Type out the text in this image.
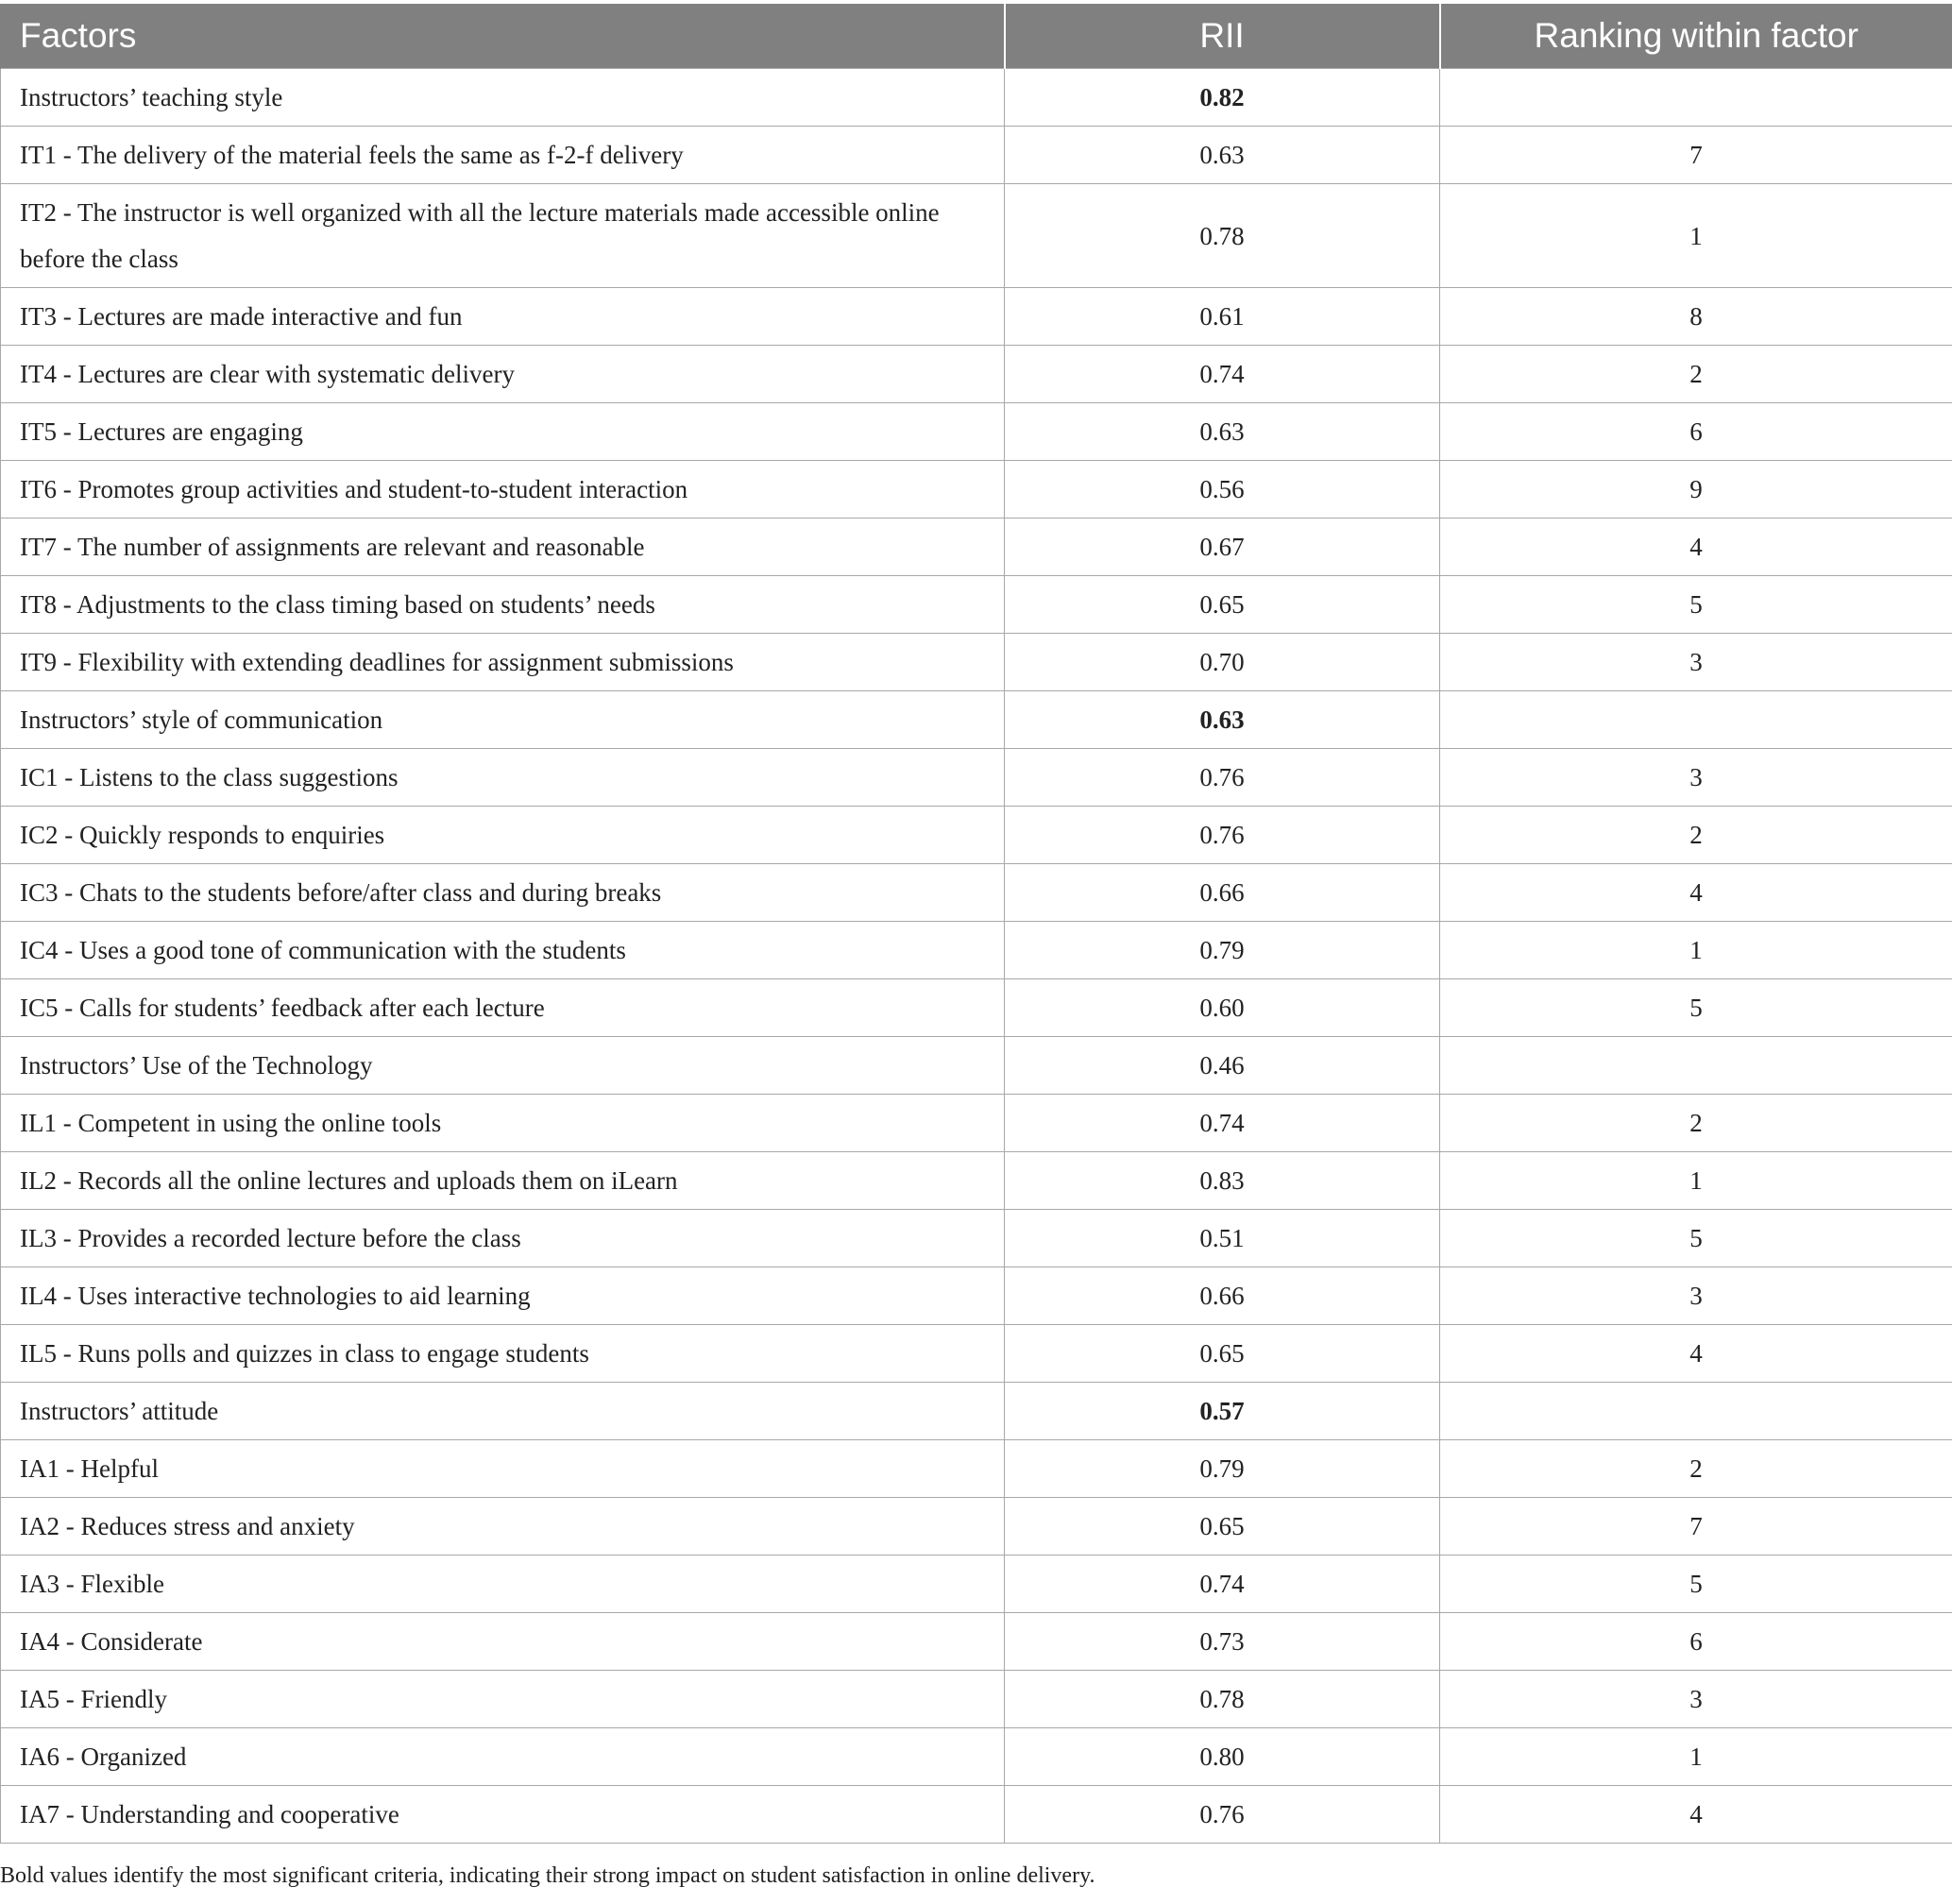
Factors	RII	Ranking within factor
Instructors’ teaching style	0.82	
IT1 - The delivery of the material feels the same as f-2-f delivery	0.63	7
IT2 - The instructor is well organized with all the lecture materials made accessible online before the class	0.78	1
IT3 - Lectures are made interactive and fun	0.61	8
IT4 - Lectures are clear with systematic delivery	0.74	2
IT5 - Lectures are engaging	0.63	6
IT6 - Promotes group activities and student-to-student interaction	0.56	9
IT7 - The number of assignments are relevant and reasonable	0.67	4
IT8 - Adjustments to the class timing based on students’ needs	0.65	5
IT9 - Flexibility with extending deadlines for assignment submissions	0.70	3
Instructors’ style of communication	0.63	
IC1 - Listens to the class suggestions	0.76	3
IC2 - Quickly responds to enquiries	0.76	2
IC3 - Chats to the students before/after class and during breaks	0.66	4
IC4 - Uses a good tone of communication with the students	0.79	1
IC5 - Calls for students’ feedback after each lecture	0.60	5
Instructors’ Use of the Technology	0.46	
IL1 - Competent in using the online tools	0.74	2
IL2 - Records all the online lectures and uploads them on iLearn	0.83	1
IL3 - Provides a recorded lecture before the class	0.51	5
IL4 - Uses interactive technologies to aid learning	0.66	3
IL5 - Runs polls and quizzes in class to engage students	0.65	4
Instructors’ attitude	0.57	
IA1 - Helpful	0.79	2
IA2 - Reduces stress and anxiety	0.65	7
IA3 - Flexible	0.74	5
IA4 - Considerate	0.73	6
IA5 - Friendly	0.78	3
IA6 - Organized	0.80	1
IA7 - Understanding and cooperative	0.76	4
Bold values identify the most significant criteria, indicating their strong impact on student satisfaction in online delivery.
